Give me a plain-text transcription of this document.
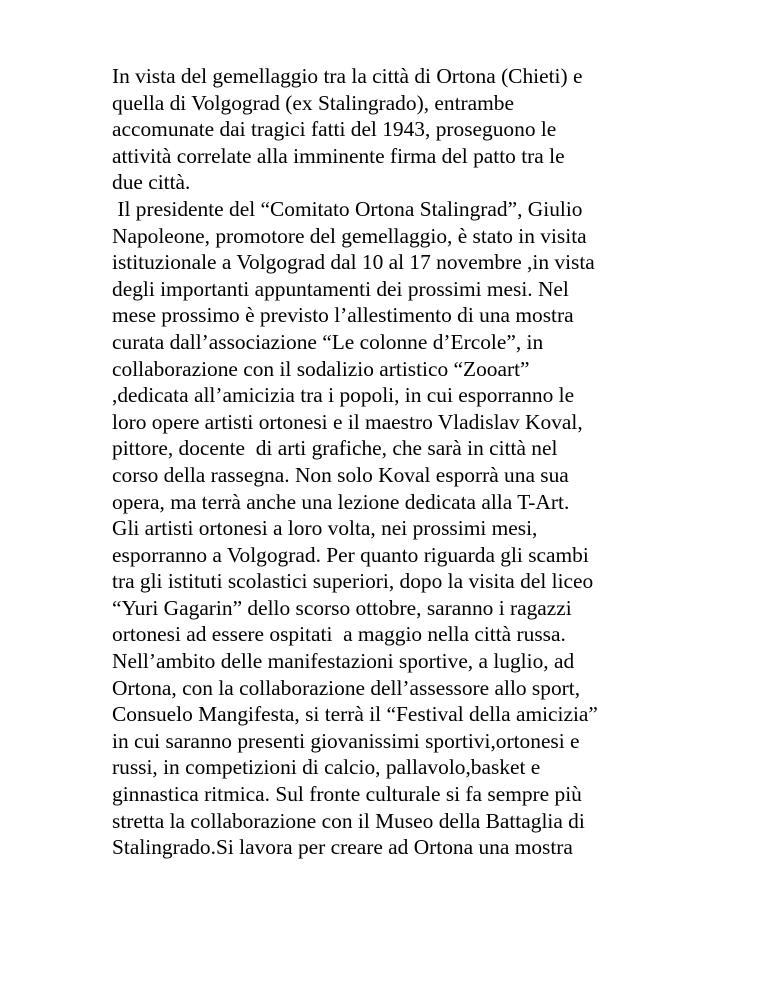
In vista del gemellaggio tra la città di Ortona (Chieti) e
quella di Volgograd (ex Stalingrado), entrambe
accomunate dai tragici fatti del 1943, proseguono le
attività correlate alla imminente firma del patto tra le
due città.
Il presidente del “Comitato Ortona Stalingrad”, Giulio
Napoleone, promotore del gemellaggio, è stato in visita
istituzionale a Volgograd dal 10 al 17 novembre ,in vista
degli importanti appuntamenti dei prossimi mesi. Nel
mese prossimo è previsto l’allestimento di una mostra
curata dall’associazione “Le colonne d’Ercole”, in
collaborazione con il sodalizio artistico “Zooart”
,dedicata all’amicizia tra i popoli, in cui esporranno le
loro opere artisti ortonesi e il maestro Vladislav Koval,
pittore, docente  di arti grafiche, che sarà in città nel
corso della rassegna. Non solo Koval esporrà una sua
opera, ma terrà anche una lezione dedicata alla T-Art.
Gli artisti ortonesi a loro volta, nei prossimi mesi,
esporranno a Volgograd. Per quanto riguarda gli scambi
tra gli istituti scolastici superiori, dopo la visita del liceo
“Yuri Gagarin” dello scorso ottobre, saranno i ragazzi
ortonesi ad essere ospitati  a maggio nella città russa.
Nell’ambito delle manifestazioni sportive, a luglio, ad
Ortona, con la collaborazione dell’assessore allo sport,
Consuelo Mangifesta, si terrà il “Festival della amicizia”
in cui saranno presenti giovanissimi sportivi,ortonesi e
russi, in competizioni di calcio, pallavolo,basket e
ginnastica ritmica. Sul fronte culturale si fa sempre più
stretta la collaborazione con il Museo della Battaglia di
Stalingrado.Si lavora per creare ad Ortona una mostra
